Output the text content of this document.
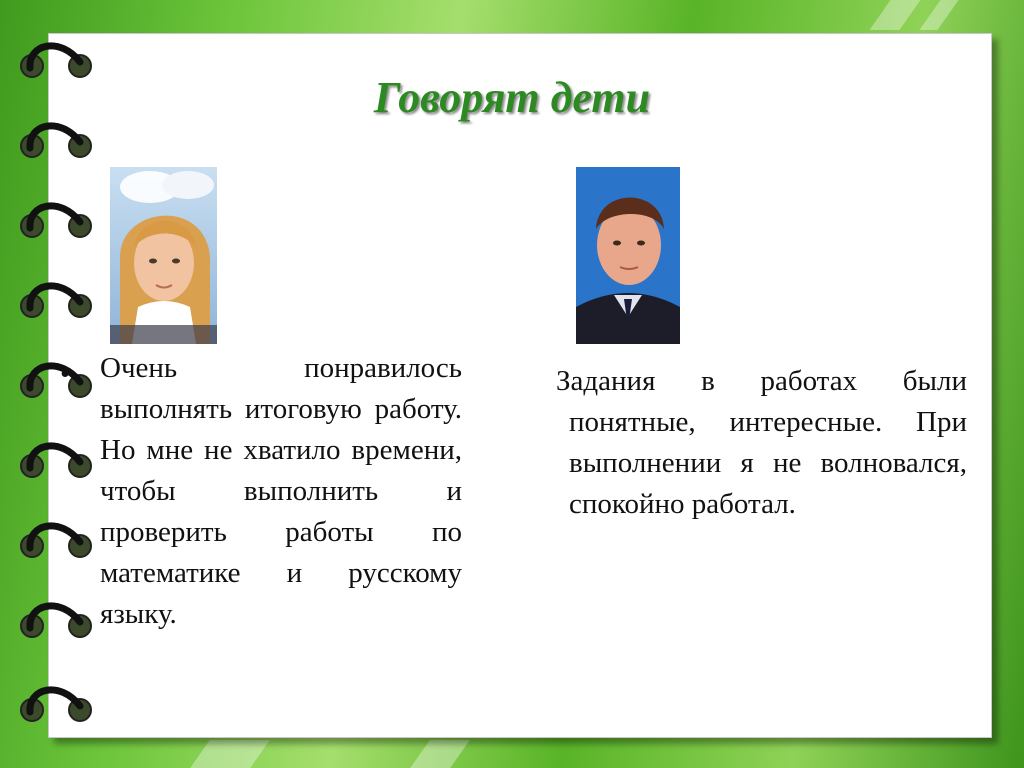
Говорят дети
• Очень понравилось выполнять итоговую работу. Но мне не хватило времени, чтобы выполнить и проверить работы по математике и русскому языку.
Задания в работах были понятные, интересные. При выполнении я не волновался, спокойно работал.
